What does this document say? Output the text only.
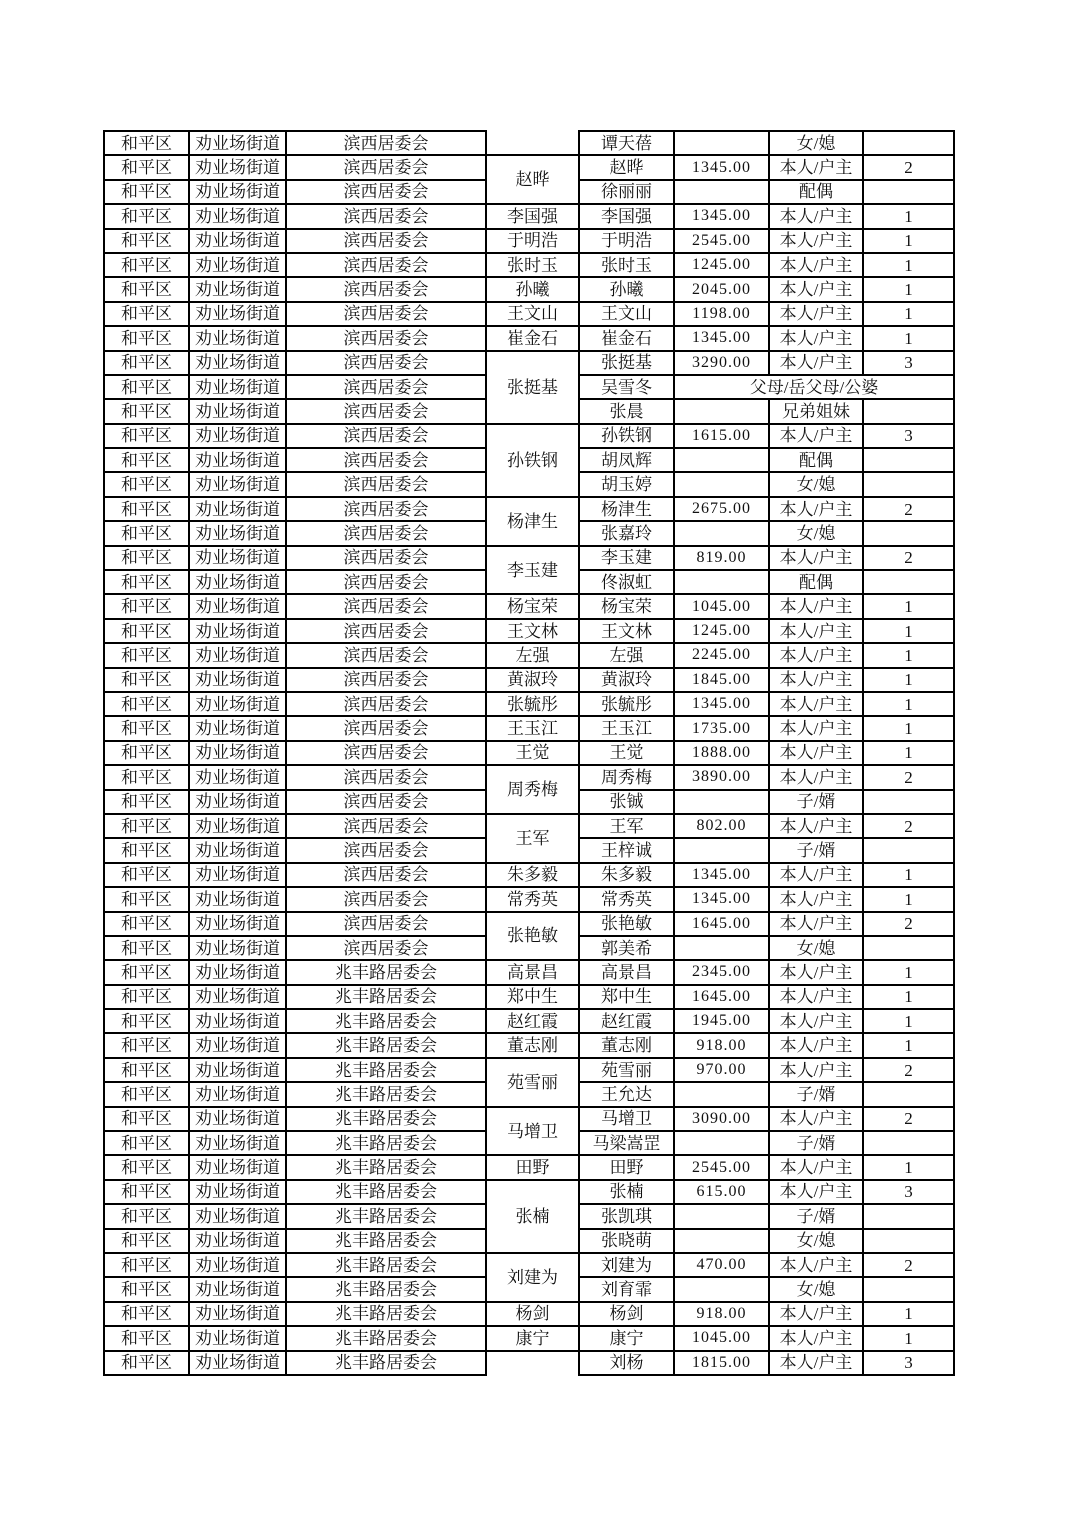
和平区	劝业场街道	滨西居委会		谭天蓓		女/媳	
和平区	劝业场街道	滨西居委会	赵晔	赵晔	1345.00	本人/户主	2
和平区	劝业场街道	滨西居委会		徐丽丽		配偶	
和平区	劝业场街道	滨西居委会	李国强	李国强	1345.00	本人/户主	1
和平区	劝业场街道	滨西居委会	于明浩	于明浩	2545.00	本人/户主	1
和平区	劝业场街道	滨西居委会	张时玉	张时玉	1245.00	本人/户主	1
和平区	劝业场街道	滨西居委会	孙曦	孙曦	2045.00	本人/户主	1
和平区	劝业场街道	滨西居委会	王文山	王文山	1198.00	本人/户主	1
和平区	劝业场街道	滨西居委会	崔金石	崔金石	1345.00	本人/户主	1
和平区	劝业场街道	滨西居委会	张挺基	张挺基	3290.00	本人/户主	3
和平区	劝业场街道	滨西居委会		吴雪冬	父母/岳父母/公婆		
和平区	劝业场街道	滨西居委会		张晨		兄弟姐妹	
和平区	劝业场街道	滨西居委会	孙铁钢	孙铁钢	1615.00	本人/户主	3
和平区	劝业场街道	滨西居委会		胡凤辉		配偶	
和平区	劝业场街道	滨西居委会		胡玉婷		女/媳	
和平区	劝业场街道	滨西居委会	杨津生	杨津生	2675.00	本人/户主	2
和平区	劝业场街道	滨西居委会		张嘉玲		女/媳	
和平区	劝业场街道	滨西居委会	李玉建	李玉建	819.00	本人/户主	2
和平区	劝业场街道	滨西居委会		佟淑虹		配偶	
和平区	劝业场街道	滨西居委会	杨宝荣	杨宝荣	1045.00	本人/户主	1
和平区	劝业场街道	滨西居委会	王文林	王文林	1245.00	本人/户主	1
和平区	劝业场街道	滨西居委会	左强	左强	2245.00	本人/户主	1
和平区	劝业场街道	滨西居委会	黄淑玲	黄淑玲	1845.00	本人/户主	1
和平区	劝业场街道	滨西居委会	张毓彤	张毓彤	1345.00	本人/户主	1
和平区	劝业场街道	滨西居委会	王玉江	王玉江	1735.00	本人/户主	1
和平区	劝业场街道	滨西居委会	王觉	王觉	1888.00	本人/户主	1
和平区	劝业场街道	滨西居委会	周秀梅	周秀梅	3890.00	本人/户主	2
和平区	劝业场街道	滨西居委会		张铖		子/婿	
和平区	劝业场街道	滨西居委会	王军	王军	802.00	本人/户主	2
和平区	劝业场街道	滨西居委会		王梓诚		子/婿	
和平区	劝业场街道	滨西居委会	朱多毅	朱多毅	1345.00	本人/户主	1
和平区	劝业场街道	滨西居委会	常秀英	常秀英	1345.00	本人/户主	1
和平区	劝业场街道	滨西居委会	张艳敏	张艳敏	1645.00	本人/户主	2
和平区	劝业场街道	滨西居委会		郭美希		女/媳	
和平区	劝业场街道	兆丰路居委会	高景昌	高景昌	2345.00	本人/户主	1
和平区	劝业场街道	兆丰路居委会	郑中生	郑中生	1645.00	本人/户主	1
和平区	劝业场街道	兆丰路居委会	赵红霞	赵红霞	1945.00	本人/户主	1
和平区	劝业场街道	兆丰路居委会	董志刚	董志刚	918.00	本人/户主	1
和平区	劝业场街道	兆丰路居委会	苑雪丽	苑雪丽	970.00	本人/户主	2
和平区	劝业场街道	兆丰路居委会		王允达		子/婿	
和平区	劝业场街道	兆丰路居委会	马增卫	马增卫	3090.00	本人/户主	2
和平区	劝业场街道	兆丰路居委会		马梁嵩罡		子/婿	
和平区	劝业场街道	兆丰路居委会	田野	田野	2545.00	本人/户主	1
和平区	劝业场街道	兆丰路居委会	张楠	张楠	615.00	本人/户主	3
和平区	劝业场街道	兆丰路居委会		张凯琪		子/婿	
和平区	劝业场街道	兆丰路居委会		张晓萌		女/媳	
和平区	劝业场街道	兆丰路居委会	刘建为	刘建为	470.00	本人/户主	2
和平区	劝业场街道	兆丰路居委会		刘育霏		女/媳	
和平区	劝业场街道	兆丰路居委会	杨剑	杨剑	918.00	本人/户主	1
和平区	劝业场街道	兆丰路居委会	康宁	康宁	1045.00	本人/户主	1
和平区	劝业场街道	兆丰路居委会		刘杨	1815.00	本人/户主	3
